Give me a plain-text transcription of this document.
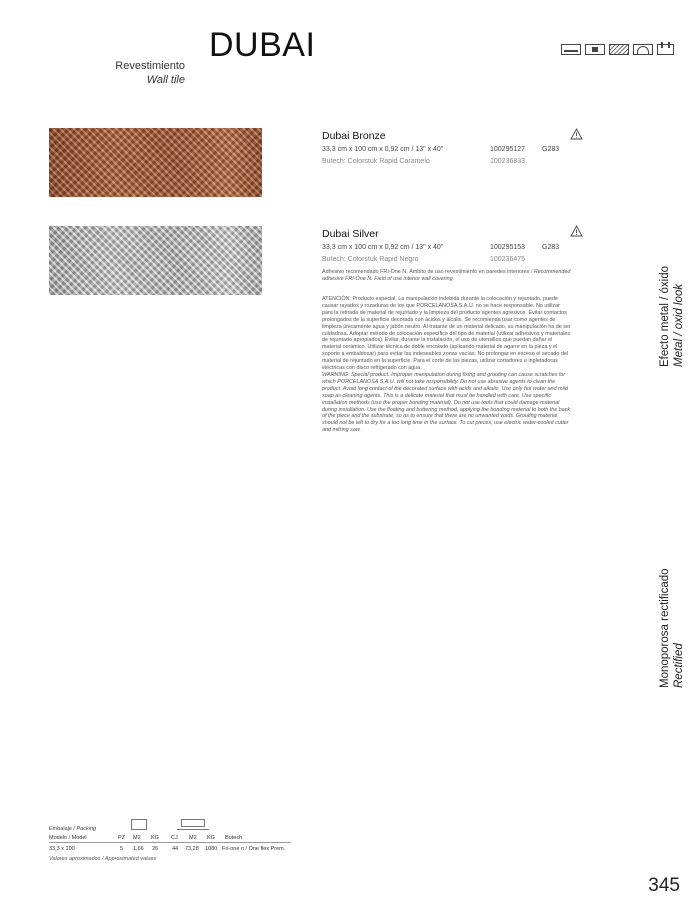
DUBAI
Revestimiento
Wall tile
Dubai Bronze
33,3 cm x 100 cm x 0,92 cm / 13" x 40"	100295127 G283
Butech: Colorstuk Rapid Caramelo	100236833
Dubai Silver
33,3 cm x 100 cm x 0,92 cm / 13" x 40"	100295153 G283
Butech: Colorstuk Rapid Negro	100236475
Adhesivo recomendado FRI-One N. Ámbito de uso revestimiento en paredes interiores / Recommended adhesive FRI-One N. Field of use interior wall covering.
ATENCIÓN: Producto especial. La manipulación indebida durante la colocación y rejuntado, puede causar rayados y rozaduras de los que PORCELANOSA S.A.U. no se hace responsable. No utilizar para la retirada de material de rejuntado y la limpieza del producto agentes agresivos. Evitar contactos prolongados de la superficie decorada con ácidos y álcalis. Se recomienda usar como agentes de limpieza únicamente agua y jabón neutro. Al tratarse de un material delicado, su manipulación ha de ser cuidadosa. Adoptar método de colocación específico del tipo de material (utilizar adhesivos y materiales de rejuntado apropiados). Evitar, durante la instalación, el uso de utensilios que puedan dañar el material cerámico. Utilizar técnica de doble encolado (aplicando material de agarre en la pieza y el soporte a embaldosar) para evitar las indeseables zonas vacías. No prolongar en exceso el secado del material de rejuntado en la superficie. Para el corte de las piezas, utilizar cortadores e ingletadoras eléctricas con disco refrigerado con agua.
WARNING: Special product. Improper manipulation during fixing and grouting can cause scratches for which PORCELANOSA S.A.U. will not take responsibility. Do not use abrasive agents to clean the product. Avoid long contact of the decorated surface with acids and alkalis. Use only hot water and mild soap as cleaning agents. This is a delicate material that must be handled with care. Use specific installation methods (use the proper bonding material). Do not use tools that could damage material during installation. Use the floating and buttering method, applying the bonding material to both the back of the piece and the substrate, so as to ensure that there are no unwanted voids. Grouting material should not be left to dry for a too long time in the surface. To cut pieces, use electric water-cooled cutter and mitring saw.
Efecto metal / óxido Metal / oxid look
Monoporosa rectificado Rectified
Embalaje / Packing
Modelo / Model	PZ M2 KG CJ M2 KG Butech
33,3 x 100	5 1,66 26	44 73,28 1080 Fri-one n / One flex Prem.
Valores aproximados / Approximated values
345
